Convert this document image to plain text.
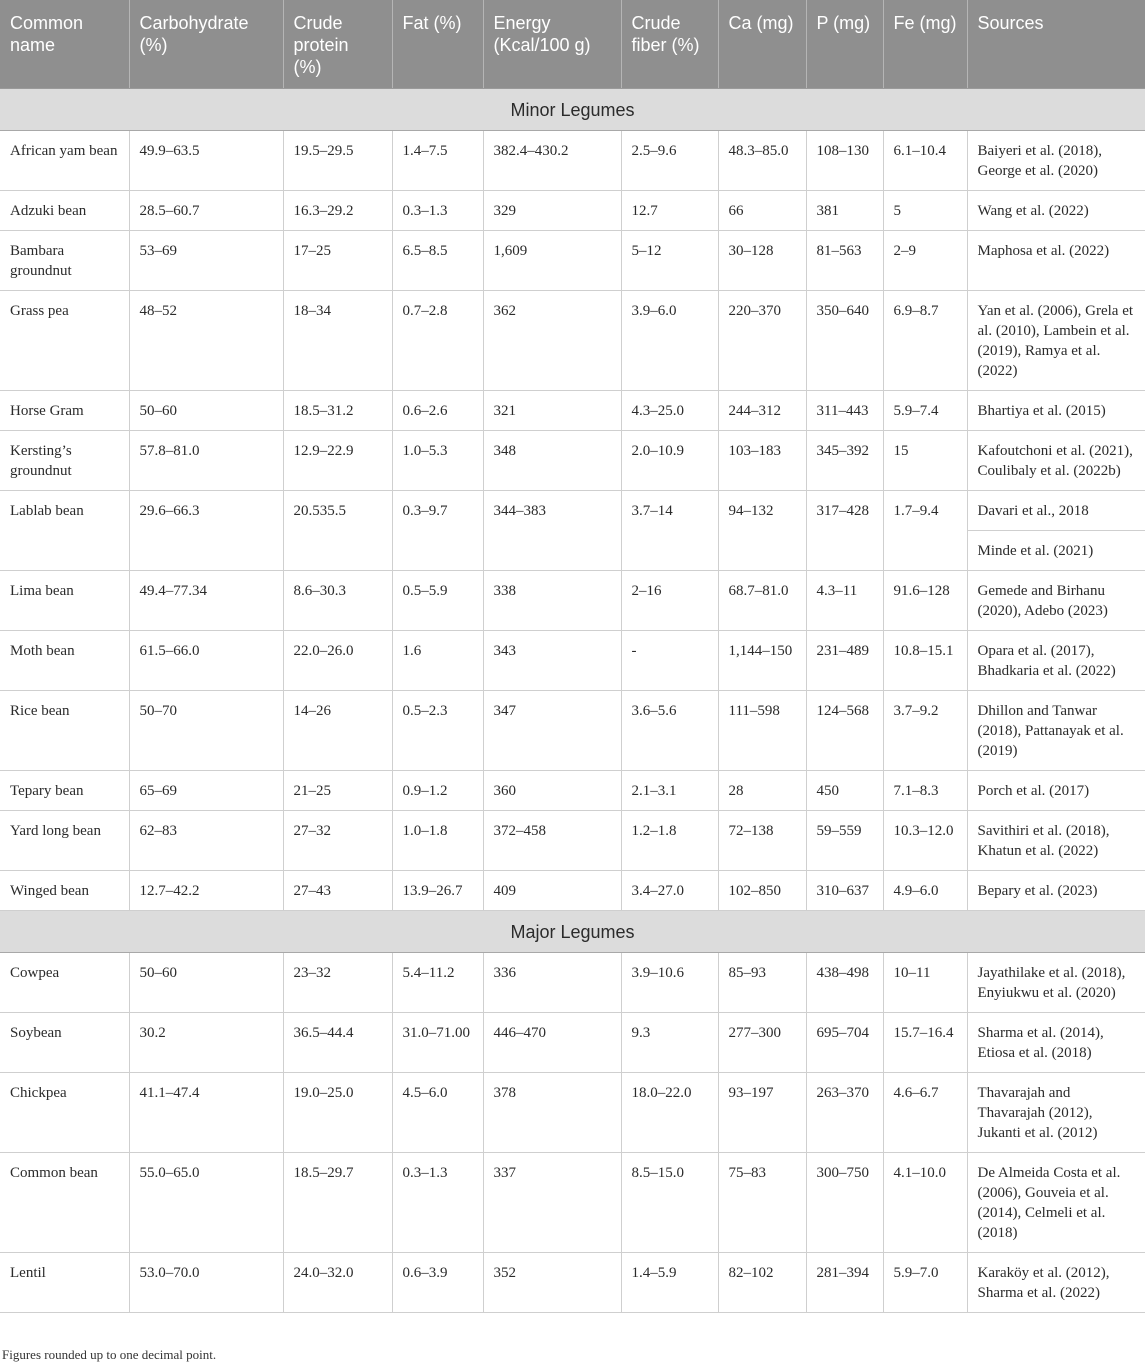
Common name	Carbohydrate (%)	Crude protein (%)	Fat (%)	Energy (Kcal/100 g)	Crude fiber (%)	Ca (mg)	P (mg)	Fe (mg)	Sources
Minor Legumes									
African yam bean	49.9–63.5	19.5–29.5	1.4–7.5	382.4–430.2	2.5–9.6	48.3–85.0	108–130	6.1–10.4	Baiyeri et al. (2018), George et al. (2020)
Adzuki bean	28.5–60.7	16.3–29.2	0.3–1.3	329	12.7	66	381	5	Wang et al. (2022)
Bambara groundnut	53–69	17–25	6.5–8.5	1,609	5–12	30–128	81–563	2–9	Maphosa et al. (2022)
Grass pea	48–52	18–34	0.7–2.8	362	3.9–6.0	220–370	350–640	6.9–8.7	Yan et al. (2006), Grela et al. (2010), Lambein et al. (2019), Ramya et al. (2022)
Horse Gram	50–60	18.5–31.2	0.6–2.6	321	4.3–25.0	244–312	311–443	5.9–7.4	Bhartiya et al. (2015)
Kersting’s groundnut	57.8–81.0	12.9–22.9	1.0–5.3	348	2.0–10.9	103–183	345–392	15	Kafoutchoni et al. (2021), Coulibaly et al. (2022b)
Lablab bean	29.6–66.3	20.535.5	0.3–9.7	344–383	3.7–14	94–132	317–428	1.7–9.4	Davari et al., 2018
									Minde et al. (2021)
Lima bean	49.4–77.34	8.6–30.3	0.5–5.9	338	2–16	68.7–81.0	4.3–11	91.6–128	Gemede and Birhanu (2020), Adebo (2023)
Moth bean	61.5–66.0	22.0–26.0	1.6	343	-	1,144–150	231–489	10.8–15.1	Opara et al. (2017), Bhadkaria et al. (2022)
Rice bean	50–70	14–26	0.5–2.3	347	3.6–5.6	111–598	124–568	3.7–9.2	Dhillon and Tanwar (2018), Pattanayak et al. (2019)
Tepary bean	65–69	21–25	0.9–1.2	360	2.1–3.1	28	450	7.1–8.3	Porch et al. (2017)
Yard long bean	62–83	27–32	1.0–1.8	372–458	1.2–1.8	72–138	59–559	10.3–12.0	Savithiri et al. (2018), Khatun et al. (2022)
Winged bean	12.7–42.2	27–43	13.9–26.7	409	3.4–27.0	102–850	310–637	4.9–6.0	Bepary et al. (2023)
Major Legumes									
Cowpea	50–60	23–32	5.4–11.2	336	3.9–10.6	85–93	438–498	10–11	Jayathilake et al. (2018), Enyiukwu et al. (2020)
Soybean	30.2	36.5–44.4	31.0–71.00	446–470	9.3	277–300	695–704	15.7–16.4	Sharma et al. (2014), Etiosa et al. (2018)
Chickpea	41.1–47.4	19.0–25.0	4.5–6.0	378	18.0–22.0	93–197	263–370	4.6–6.7	Thavarajah and Thavarajah (2012), Jukanti et al. (2012)
Common bean	55.0–65.0	18.5–29.7	0.3–1.3	337	8.5–15.0	75–83	300–750	4.1–10.0	De Almeida Costa et al. (2006), Gouveia et al. (2014), Celmeli et al. (2018)
Lentil	53.0–70.0	24.0–32.0	0.6–3.9	352	1.4–5.9	82–102	281–394	5.9–7.0	Karaköy et al. (2012), Sharma et al. (2022)
Figures rounded up to one decimal point.
